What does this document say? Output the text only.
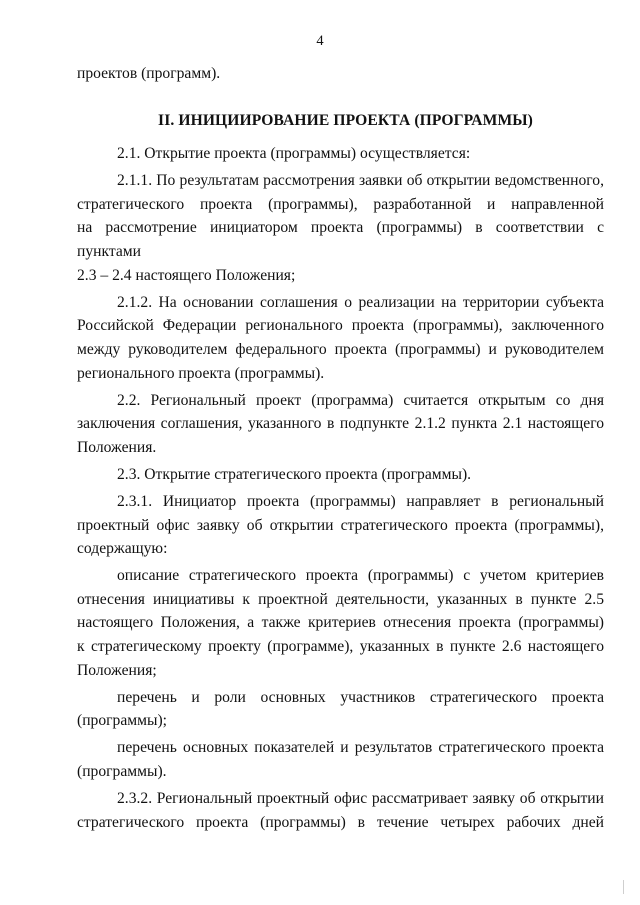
4

проектов (программ).

II. ИНИЦИИРОВАНИЕ ПРОЕКТА (ПРОГРАММЫ)

2.1. Открытие проекта (программы) осуществляется:

2.1.1. По результатам рассмотрения заявки об открытии ведомственного,

стратегического проекта (программы), разработанной и направленной

на рассмотрение инициатором проекта (программы) в соответствии с пунктами

2.3 – 2.4 настоящего Положения;

2.1.2. На основании соглашения о реализации на территории субъекта

Российской Федерации регионального проекта (программы), заключенного

между руководителем федерального проекта (программы) и руководителем

регионального проекта (программы).

2.2. Региональный проект (программа) считается открытым со дня

заключения соглашения, указанного в подпункте 2.1.2 пункта 2.1 настоящего

Положения.

2.3. Открытие стратегического проекта (программы).

2.3.1. Инициатор проекта (программы) направляет в региональный

проектный офис заявку об открытии стратегического проекта (программы),

содержащую:

описание стратегического проекта (программы) с учетом критериев

отнесения инициативы к проектной деятельности, указанных в пункте 2.5

настоящего Положения, а также критериев отнесения проекта (программы)

к стратегическому проекту (программе), указанных в пункте 2.6 настоящего

Положения;

перечень и роли основных участников стратегического проекта

(программы);

перечень основных показателей и результатов стратегического проекта

(программы).

2.3.2. Региональный проектный офис рассматривает заявку об открытии

стратегического проекта (программы) в течение четырех рабочих дней
